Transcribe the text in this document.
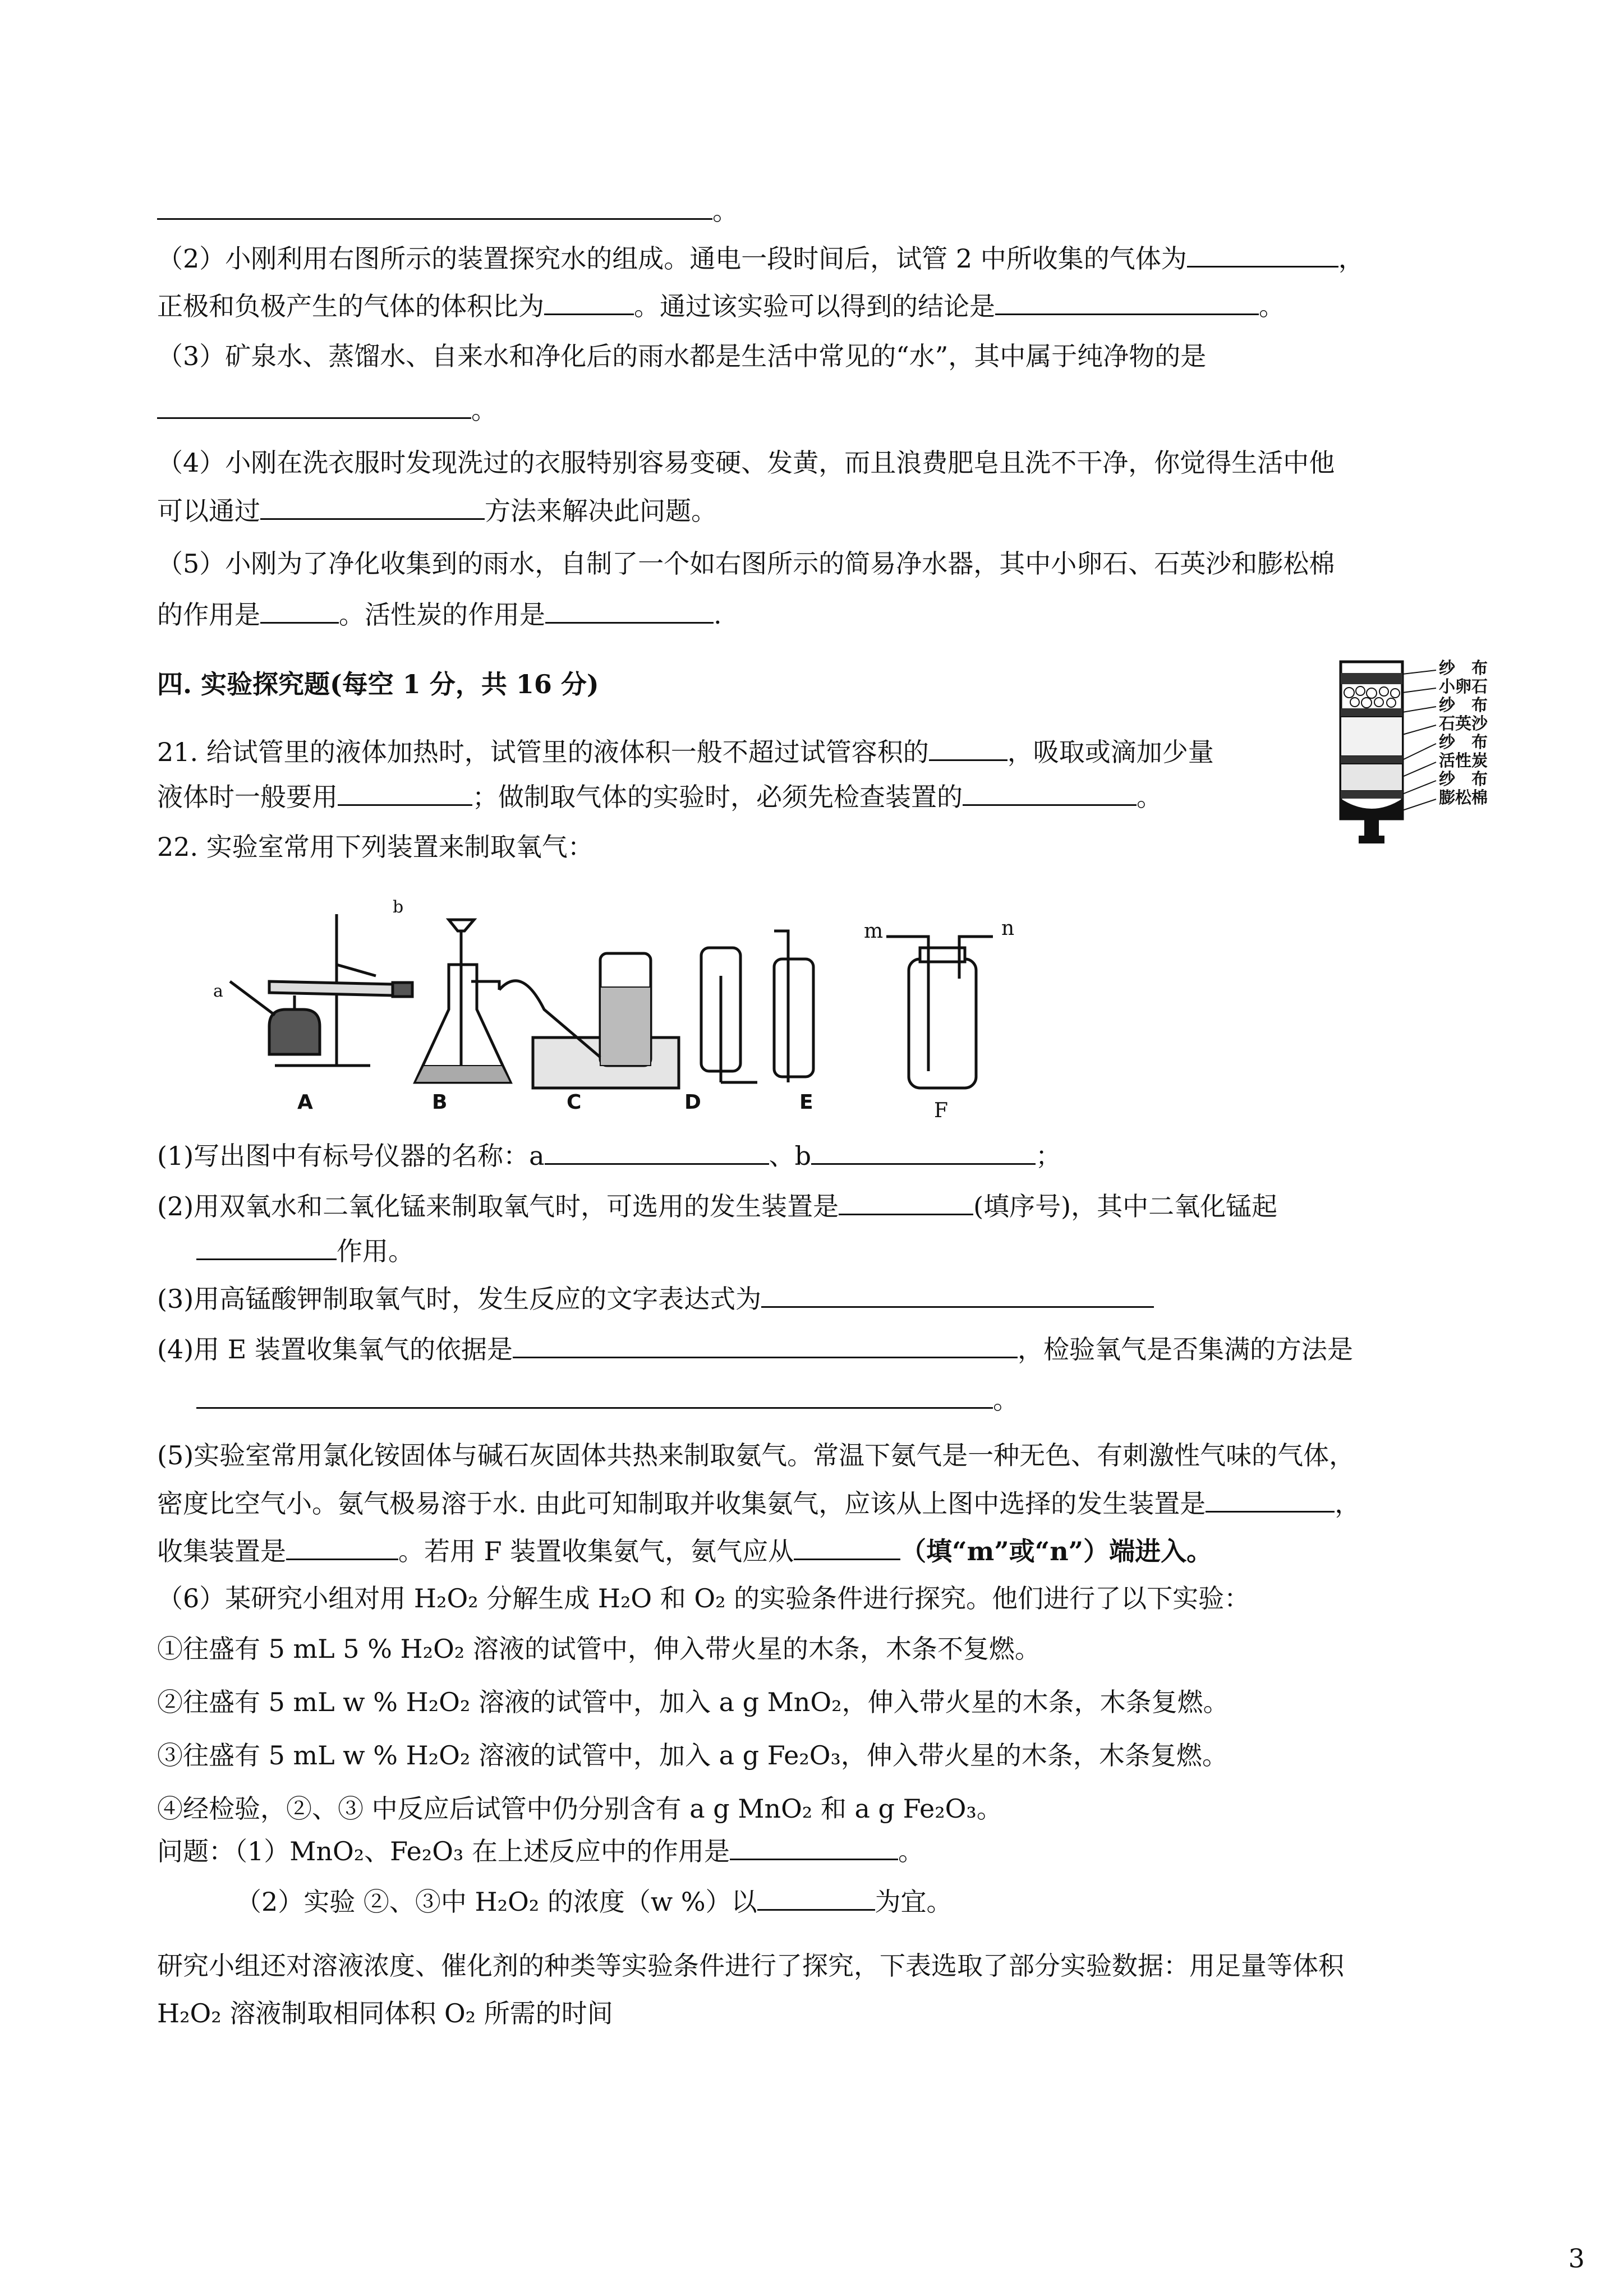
。
（2）小刚利用右图所示的装置探究水的组成。通电一段时间后，试管 2 中所收集的气体为	，
正极和负极产生的气体的体积比为	。通过该实验可以得到的结论是	。
（3）矿泉水、蒸馏水、自来水和净化后的雨水都是生活中常见的“水”，其中属于纯净物的是
。
（4）小刚在洗衣服时发现洗过的衣服特别容易变硬、发黄，而且浪费肥皂且洗不干净，你觉得生活中他
可以通过	方法来解决此问题。
（5）小刚为了净化收集到的雨水，自制了一个如右图所示的简易净水器，其中小卵石、石英沙和膨松棉
的作用是	。活性炭的作用是	.
四. 实验探究题(每空 1 分，共 16 分)
21. 给试管里的液体加热时，试管里的液体积一般不超过试管容积的	，吸取或滴加少量
液体时一般要用	；做制取气体的实验时，必须先检查装置的	。
纱　布
小卵石
纱　布
石英沙
纱　布
活性炭
纱　布
膨松棉
22. 实验室常用下列装置来制取氧气：
a
b
m	n
A	B	C	D	E	F
(1)写出图中有标号仪器的名称：a	、b	；
(2)用双氧水和二氧化锰来制取氧气时，可选用的发生装置是	(填序号)，其中二氧化锰起
作用。
(3)用高锰酸钾制取氧气时，发生反应的文字表达式为
(4)用 E 装置收集氧气的依据是	，检验氧气是否集满的方法是
。
(5)实验室常用氯化铵固体与碱石灰固体共热来制取氨气。常温下氨气是一种无色、有刺激性气味的气体，
密度比空气小。氨气极易溶于水. 由此可知制取并收集氨气，应该从上图中选择的发生装置是	，
收集装置是	。若用 F 装置收集氨气，氨气应从	（填“m”或“n”）端进入。
（6）某研究小组对用 H₂O₂ 分解生成 H₂O 和 O₂ 的实验条件进行探究。他们进行了以下实验：
①往盛有 5 mL 5 % H₂O₂ 溶液的试管中，伸入带火星的木条，木条不复燃。
②往盛有 5 mL w % H₂O₂ 溶液的试管中，加入 a g MnO₂，伸入带火星的木条，木条复燃。
③往盛有 5 mL w % H₂O₂ 溶液的试管中，加入 a g Fe₂O₃，伸入带火星的木条，木条复燃。
④经检验，②、③ 中反应后试管中仍分别含有 a g MnO₂ 和 a g Fe₂O₃。
问题：（1）MnO₂、Fe₂O₃ 在上述反应中的作用是	。
（2）实验 ②、③中 H₂O₂ 的浓度（w %）以	为宜。
研究小组还对溶液浓度、催化剂的种类等实验条件进行了探究，下表选取了部分实验数据：用足量等体积
H₂O₂ 溶液制取相同体积 O₂ 所需的时间
3
